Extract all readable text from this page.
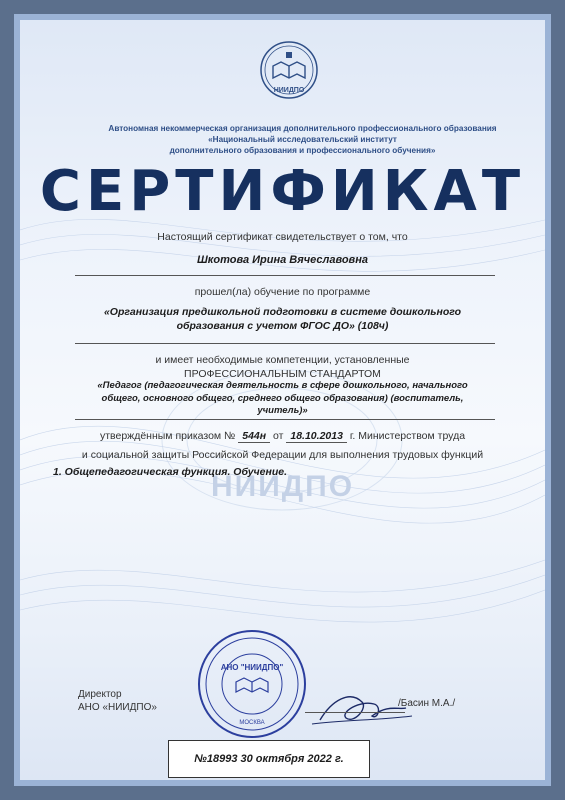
НИИДПО
НИИДПО
Автономная некоммерческая организация дополнительного профессионального образования
«Национальный исследовательский институт
дополнительного образования и профессионального обучения»
СЕРТИФИКАТ
Настоящий сертификат свидетельствует о том, что
Шкотова Ирина Вячеславовна
прошел(ла) обучение по программе
«Организация предшкольной подготовки в системе дошкольного
образования с учетом ФГОС ДО» (108ч)
и имеет необходимые компетенции, установленные
ПРОФЕССИОНАЛЬНЫМ СТАНДАРТОМ
«Педагог (педагогическая деятельность в сфере дошкольного, начального
общего, основного общего, среднего общего образования) (воспитатель,
учитель)»
утверждённым приказом № 544н от 18.10.2013 г. Министерством труда
и социальной защиты Российской Федерации для выполнения трудовых функций
1. Общепедагогическая функция. Обучение.
Директор
АНО «НИИДПО»
АНО "НИИДПО"
МОСКВА
/Басин М.А./
№18993 30 октября 2022 г.
